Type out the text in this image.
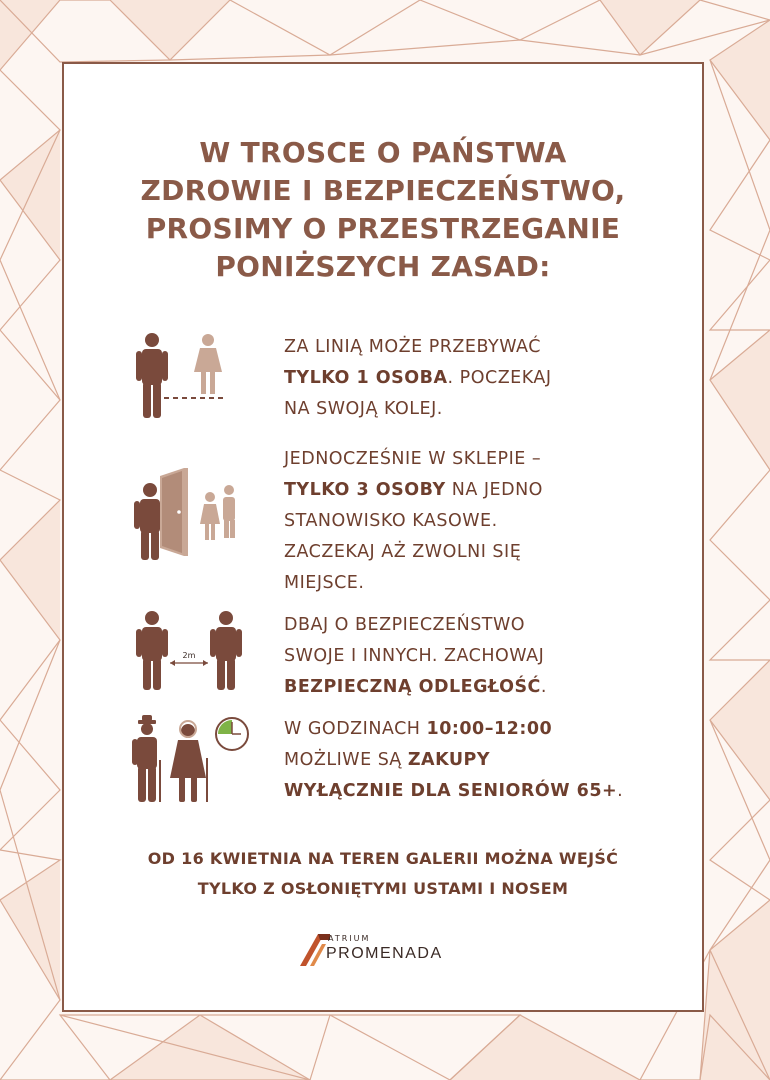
W TROSCE O PAŃSTWA
ZDROWIE I BEZPIECZEŃSTWO,
PROSIMY O PRZESTRZEGANIE
PONIŻSZYCH ZASAD:
ZA LINIĄ MOŻE PRZEBYWAĆ
TYLKO 1 OSOBA. POCZEKAJ
NA SWOJĄ KOLEJ.
JEDNOCZEŚNIE W SKLEPIE –
TYLKO 3 OSOBY NA JEDNO
STANOWISKO KASOWE.
ZACZEKAJ AŻ ZWOLNI SIĘ
MIEJSCE.
2m
DBAJ O BEZPIECZEŃSTWO
SWOJE I INNYCH. ZACHOWAJ
BEZPIECZNĄ ODLEGŁOŚĆ.
W GODZINACH 10:00–12:00
MOŻLIWE SĄ ZAKUPY
WYŁĄCZNIE DLA SENIORÓW 65+.
OD 16 KWIETNIA NA TEREN GALERII MOŻNA WEJŚĆ
TYLKO Z OSŁONIĘTYMI USTAMI I NOSEM
ATRIUM
PROMENADA
